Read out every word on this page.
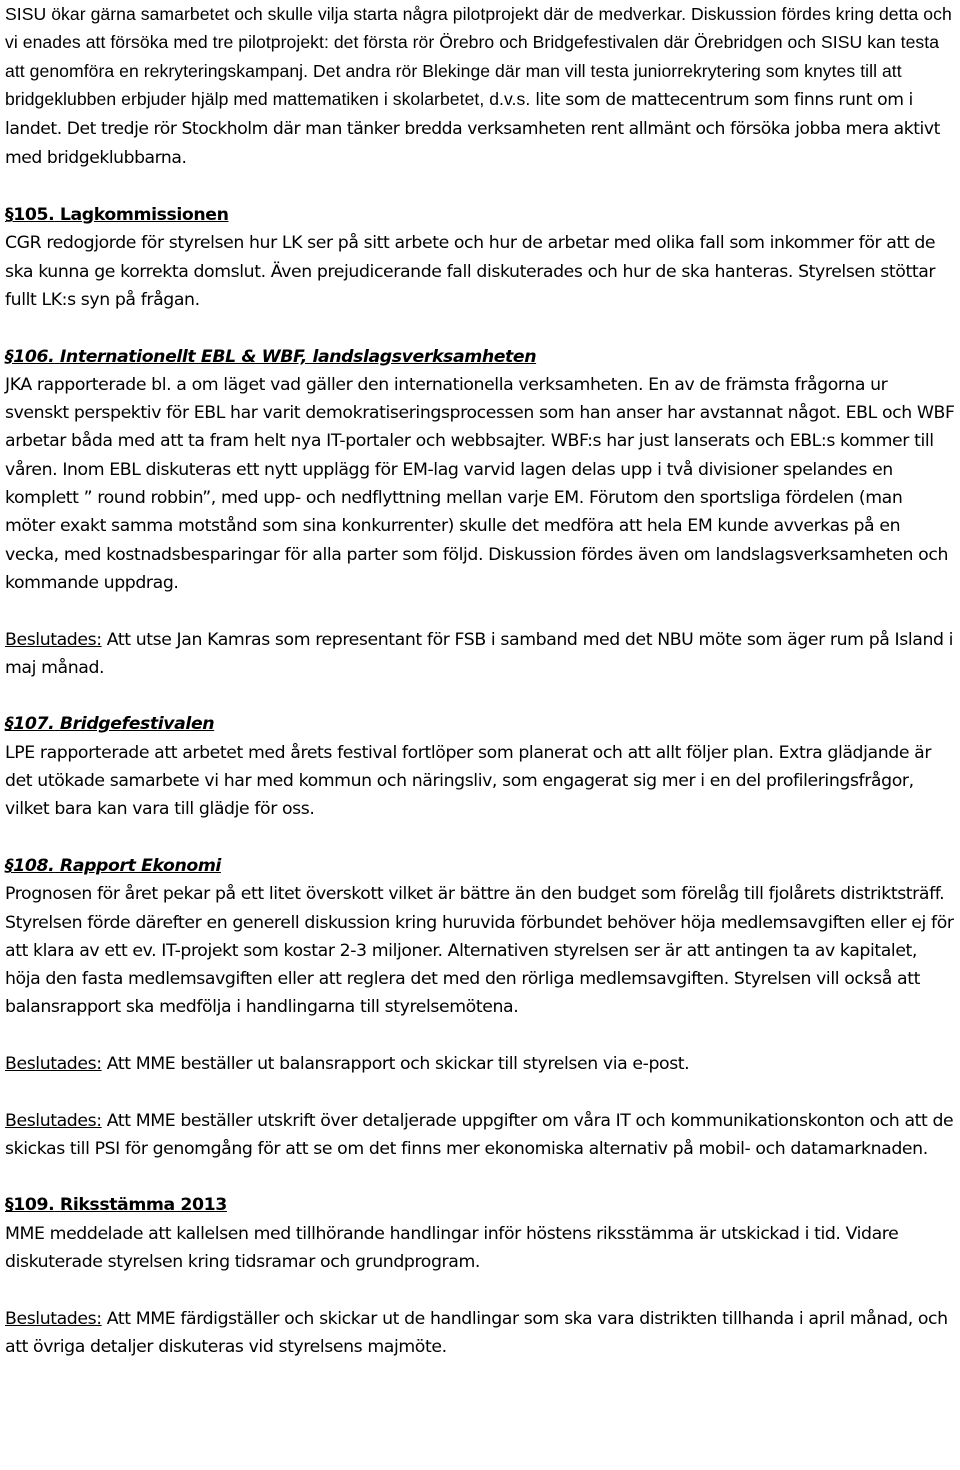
SISU ökar gärna samarbetet och skulle vilja starta några pilotprojekt där de medverkar. Diskussion fördes kring detta och vi enades att försöka med tre pilotprojekt: det första rör Örebro och Bridgefestivalen där Örebridgen och SISU kan testa att genomföra en rekryteringskampanj. Det andra rör Blekinge där man vill testa juniorrekrytering som knytes till att bridgeklubben erbjuder hjälp med mattematiken i skolarbetet, d.v.s. lite som de mattecentrum som finns runt om i landet. Det tredje rör Stockholm där man tänker bredda verksamheten rent allmänt och försöka jobba mera aktivt med bridgeklubbarna.

§105. Lagkommissionen

CGR redogjorde för styrelsen hur LK ser på sitt arbete och hur de arbetar med olika fall som inkommer för att de ska kunna ge korrekta domslut. Även prejudicerande fall diskuterades och hur de ska hanteras. Styrelsen stöttar fullt LK:s syn på frågan.

§106. Internationellt EBL & WBF, landslagsverksamheten

JKA rapporterade bl. a om läget vad gäller den internationella verksamheten. En av de främsta frågorna ur svenskt perspektiv för EBL har varit demokratiseringsprocessen som han anser har avstannat något. EBL och WBF arbetar båda med att ta fram helt nya IT-portaler och webbsajter. WBF:s har just lanserats och EBL:s kommer till våren. Inom EBL diskuteras ett nytt upplägg för EM-lag varvid lagen delas upp i två divisioner spelandes en komplett ” round robbin”, med upp- och nedflyttning mellan varje EM. Förutom den sportsliga fördelen (man möter exakt samma motstånd som sina konkurrenter) skulle det medföra att hela EM kunde avverkas på en vecka, med kostnadsbesparingar för alla parter som följd. Diskussion fördes även om landslagsverksamheten och kommande uppdrag.

Beslutades: Att utse Jan Kamras som representant för FSB i samband med det NBU möte som äger rum på Island i maj månad.

§107. Bridgefestivalen

LPE rapporterade att arbetet med årets festival fortlöper som planerat och att allt följer plan. Extra glädjande är det utökade samarbete vi har med kommun och näringsliv, som engagerat sig mer i en del profileringsfrågor, vilket bara kan vara till glädje för oss.

§108. Rapport Ekonomi

Prognosen för året pekar på ett litet överskott vilket är bättre än den budget som förelåg till fjolårets distriktsträff. Styrelsen förde därefter en generell diskussion kring huruvida förbundet behöver höja medlemsavgiften eller ej för att klara av ett ev. IT-projekt som kostar 2-3 miljoner. Alternativen styrelsen ser är att antingen ta av kapitalet, höja den fasta medlemsavgiften eller att reglera det med den rörliga medlemsavgiften. Styrelsen vill också att balansrapport ska medfölja i handlingarna till styrelsemötena.

Beslutades: Att MME beställer ut balansrapport och skickar till styrelsen via e-post.

Beslutades: Att MME beställer utskrift över detaljerade uppgifter om våra IT och kommunikationskonton och att de skickas till PSI för genomgång för att se om det finns mer ekonomiska alternativ på mobil- och datamarknaden.

§109. Riksstämma 2013

MME meddelade att kallelsen med tillhörande handlingar inför höstens riksstämma är utskickad i tid. Vidare diskuterade styrelsen kring tidsramar och grundprogram.

Beslutades: Att MME färdigställer och skickar ut de handlingar som ska vara distrikten tillhanda i april månad, och att övriga detaljer diskuteras vid styrelsens majmöte.
